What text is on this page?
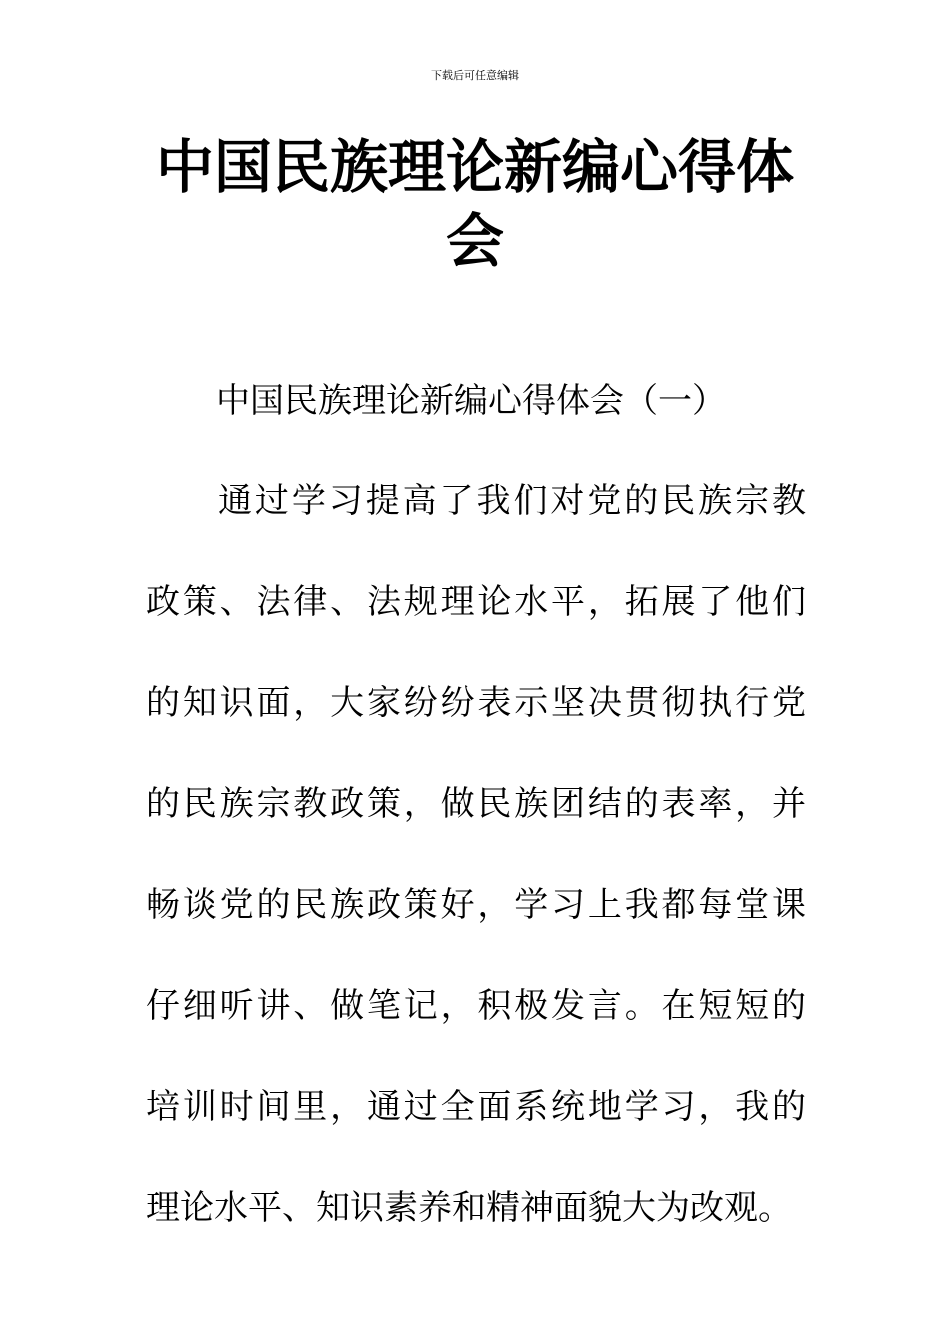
下载后可任意编辑
中国民族理论新编心得体会
中国民族理论新编心得体会（一）
通过学习提高了我们对党的民族宗教
政策、法律、法规理论水平，拓展了他们
的知识面，大家纷纷表示坚决贯彻执行党
的民族宗教政策，做民族团结的表率，并
畅谈党的民族政策好，学习上我都每堂课
仔细听讲、做笔记，积极发言。在短短的
培训时间里，通过全面系统地学习，我的
理论水平、知识素养和精神面貌大为改观。
